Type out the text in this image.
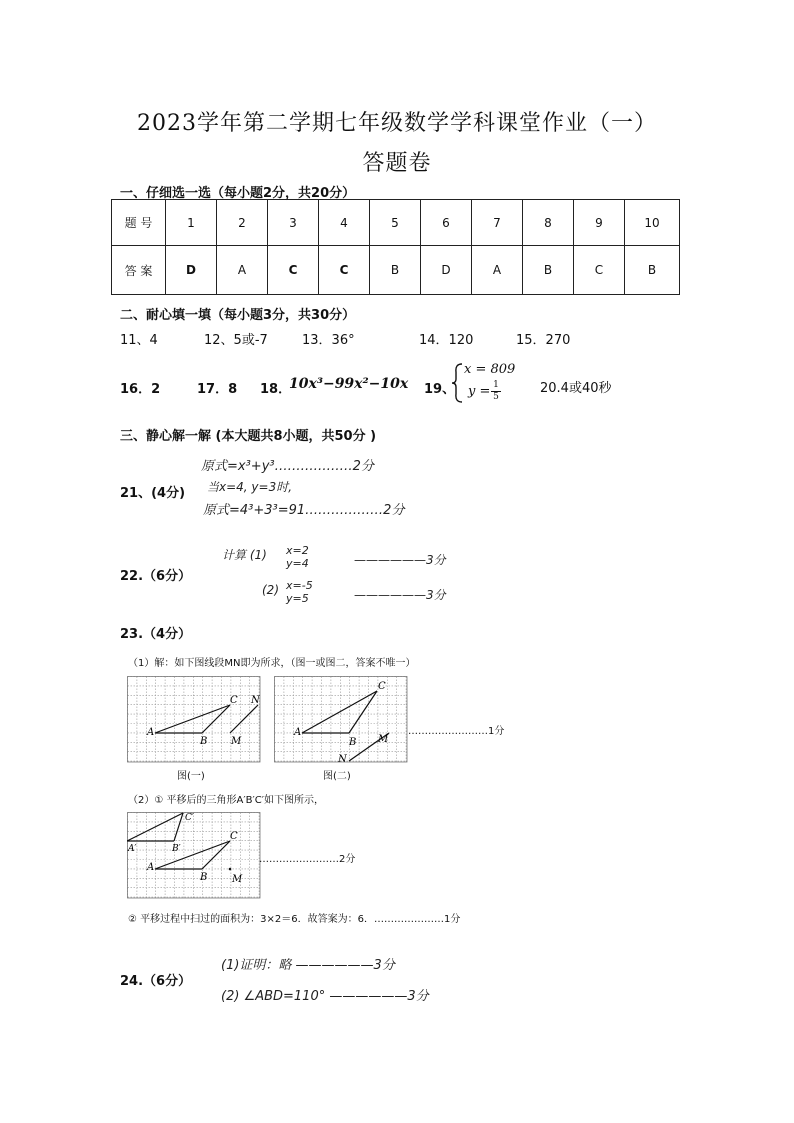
2023学年第二学期七年级数学学科课堂作业（一）
答题卷
一、仔细选一选（每小题2分，共20分）
题 号	1	2	3	4	5	6	7	8	9	10
答 案	D	A	C	C	B	D	A	B	C	B
二、耐心填一填（每小题3分，共30分）
11、4	12、5或-7	13．36°	14．120	15．270
16．2	17．8 18．
10x³−99x²−10x 19、
x = 809
y = 1
5
20.4或40秒
三、静心解一解 (本大题共8小题，共50分 )
原式=x³+y³………………2分
21、(4分) 当x=4, y=3时,
原式=4³+3³=91………………2分
22.（6分）
计算 (1) x=2
y=4	——————3分
(2) x=-5
y=5	——————3分
23.（4分）
（1）解：如下图线段MN即为所求，（图一或图二，答案不唯一）
A
B
C
M
N
图(一)
A
B
C
M
N
图(二)
……………………1分
（2）① 平移后的三角形A′B′C′如下图所示，
A′	B′
C′
A
B
C
M
……………………2分
② 平移过程中扫过的面积为：3×2＝6．故答案为：6．…………………1分
(1)证明：略 ——————3分
24.（6分）
(2) ∠ABD=110° ——————3分
